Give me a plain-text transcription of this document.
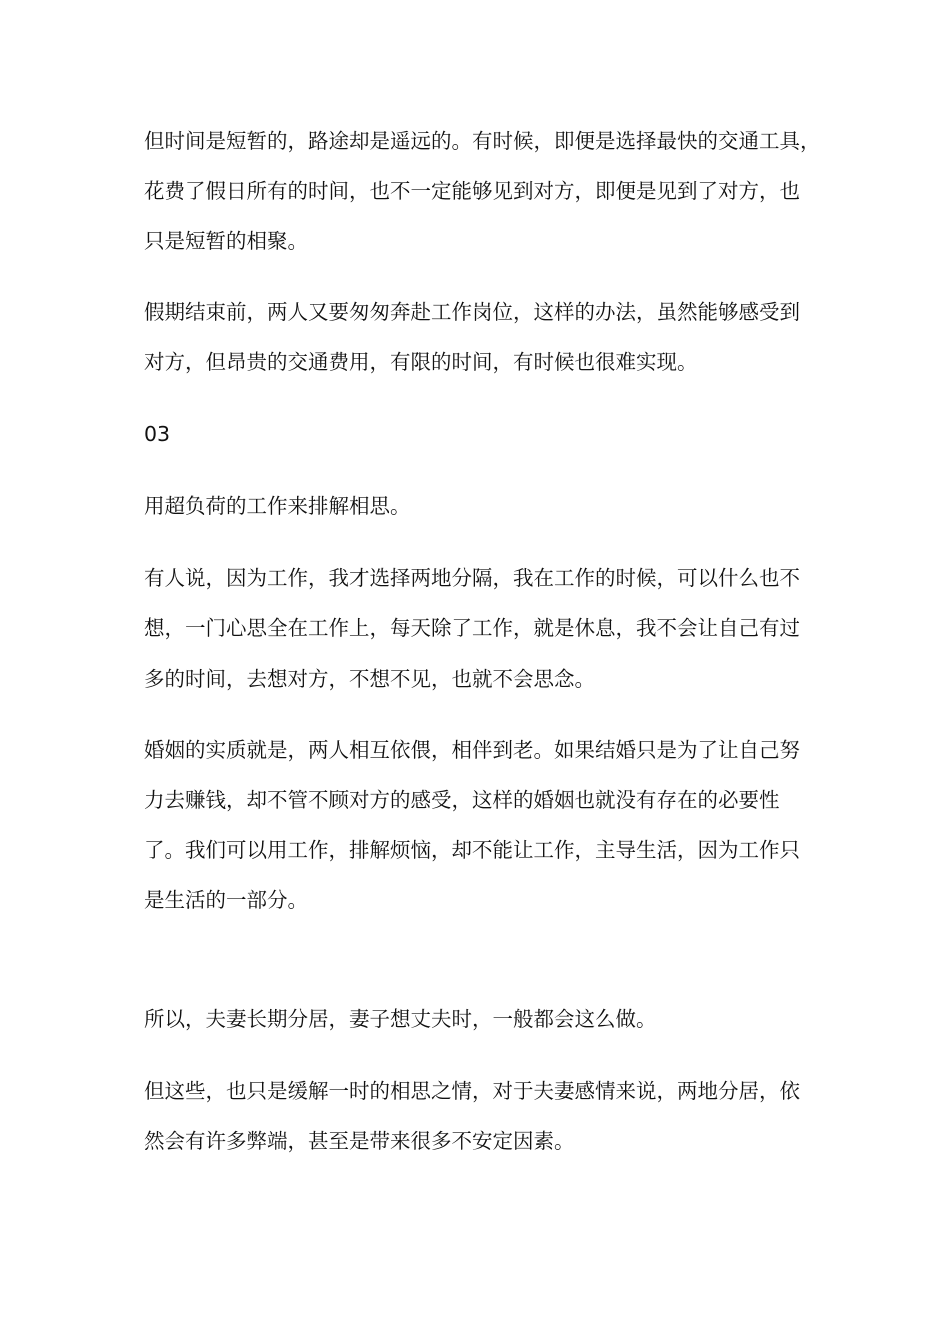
但时间是短暂的，路途却是遥远的。有时候，即便是选择最快的交通工具，
花费了假日所有的时间，也不一定能够见到对方，即便是见到了对方，也
只是短暂的相聚。
假期结束前，两人又要匆匆奔赴工作岗位，这样的办法，虽然能够感受到
对方，但昂贵的交通费用，有限的时间，有时候也很难实现。
03
用超负荷的工作来排解相思。
有人说，因为工作，我才选择两地分隔，我在工作的时候，可以什么也不
想，一门心思全在工作上，每天除了工作，就是休息，我不会让自己有过
多的时间，去想对方，不想不见，也就不会思念。
婚姻的实质就是，两人相互依偎，相伴到老。如果结婚只是为了让自己努
力去赚钱，却不管不顾对方的感受，这样的婚姻也就没有存在的必要性
了。我们可以用工作，排解烦恼，却不能让工作，主导生活，因为工作只
是生活的一部分。
所以，夫妻长期分居，妻子想丈夫时，一般都会这么做。
但这些，也只是缓解一时的相思之情，对于夫妻感情来说，两地分居，依
然会有许多弊端，甚至是带来很多不安定因素。
